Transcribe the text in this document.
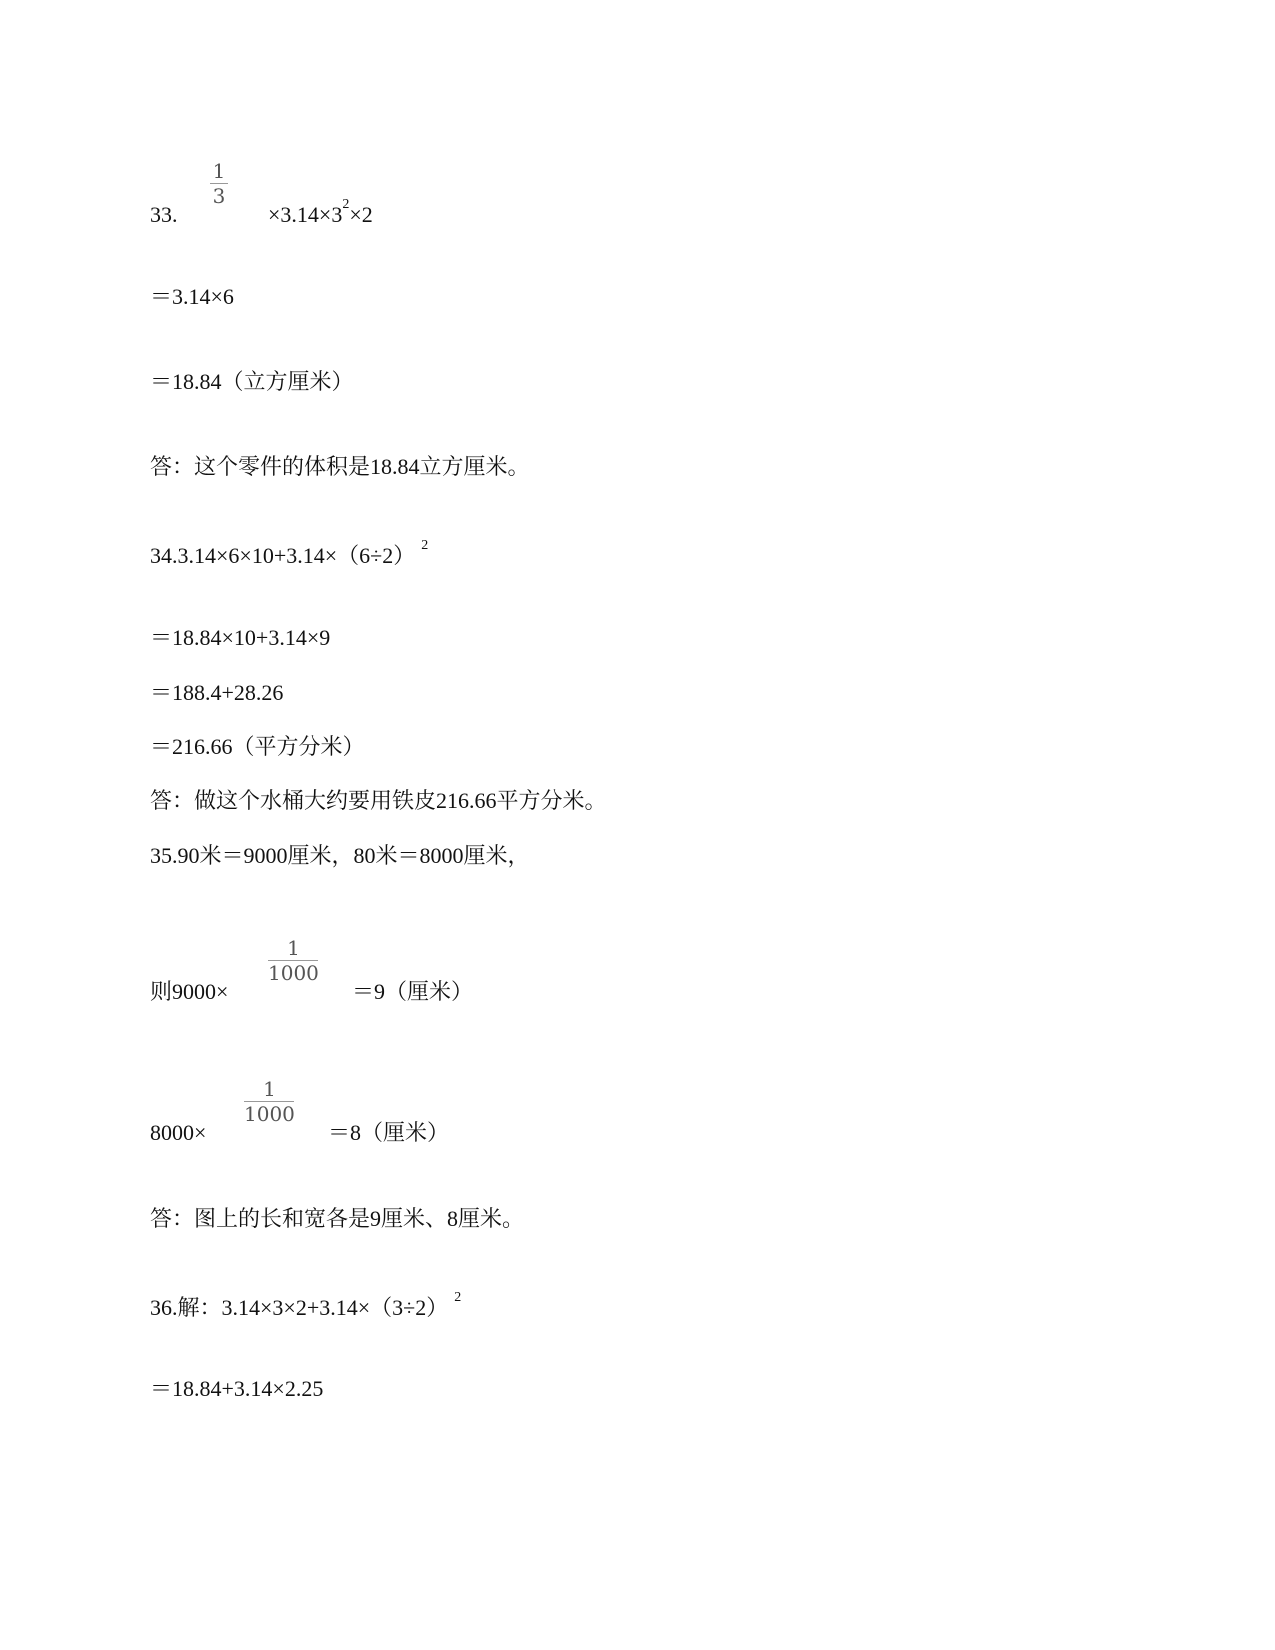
33.
1
3
$\times 3.14\times 3^2\times 2$
＝3.14×6
＝18.84（立方厘米）
答：这个零件的体积是18.84立方厘米。
34.3.14×6×10+3.14×（6÷2） $^2$
＝18.84×10+3.14×9
＝188.4+28.26
＝216.66（平方分米）
答：做这个水桶大约要用铁皮216.66平方分米。
35.90米＝9000厘米，80米＝8000厘米，
则9000×
1
1000
＝9（厘米）
8000×
1
1000
＝8（厘米）
答：图上的长和宽各是9厘米、8厘米。
36.解：3.14×3×2+3.14×（3÷2） $^2$
＝18.84+3.14×2.25
